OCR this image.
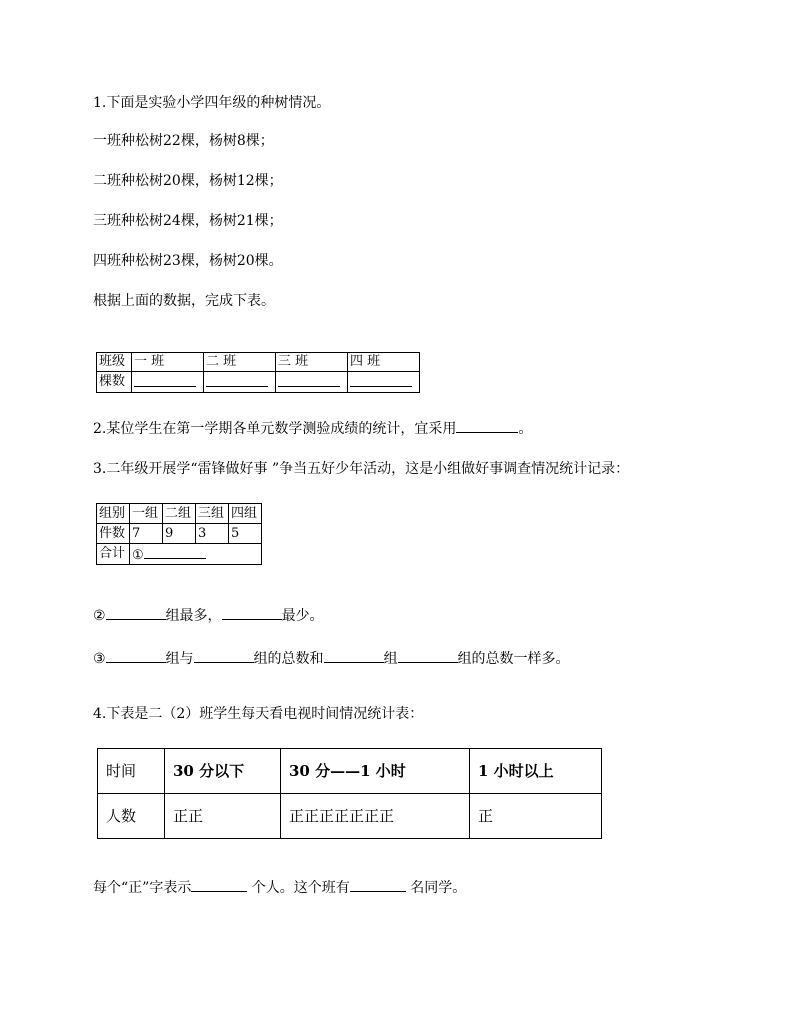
1.下面是实验小学四年级的种树情况。
一班种松树22棵，杨树8棵；
二班种松树20棵，杨树12棵；
三班种松树24棵，杨树21棵；
四班种松树23棵，杨树20棵。
根据上面的数据，完成下表。
班级	一 班	二 班	三 班	四 班
棵数				
2.某位学生在第一学期各单元数学测验成绩的统计，宜采用	。
3.二年级开展学“雷锋做好事 ”争当五好少年活动，这是小组做好事调查情况统计记录：
组别	一组	二组	三组	四组
件数	7	9	3	5
合计	①			
②	组最多，	最少。
③	组与	组的总数和	组	组的总数一样多。
4.下表是二（2）班学生每天看电视时间情况统计表：
时间	30 分以下	30 分——1 小时	1 小时以上
人数	正正	正正正正正正正	正
每个“正”字表示	个人。这个班有	名同学。
